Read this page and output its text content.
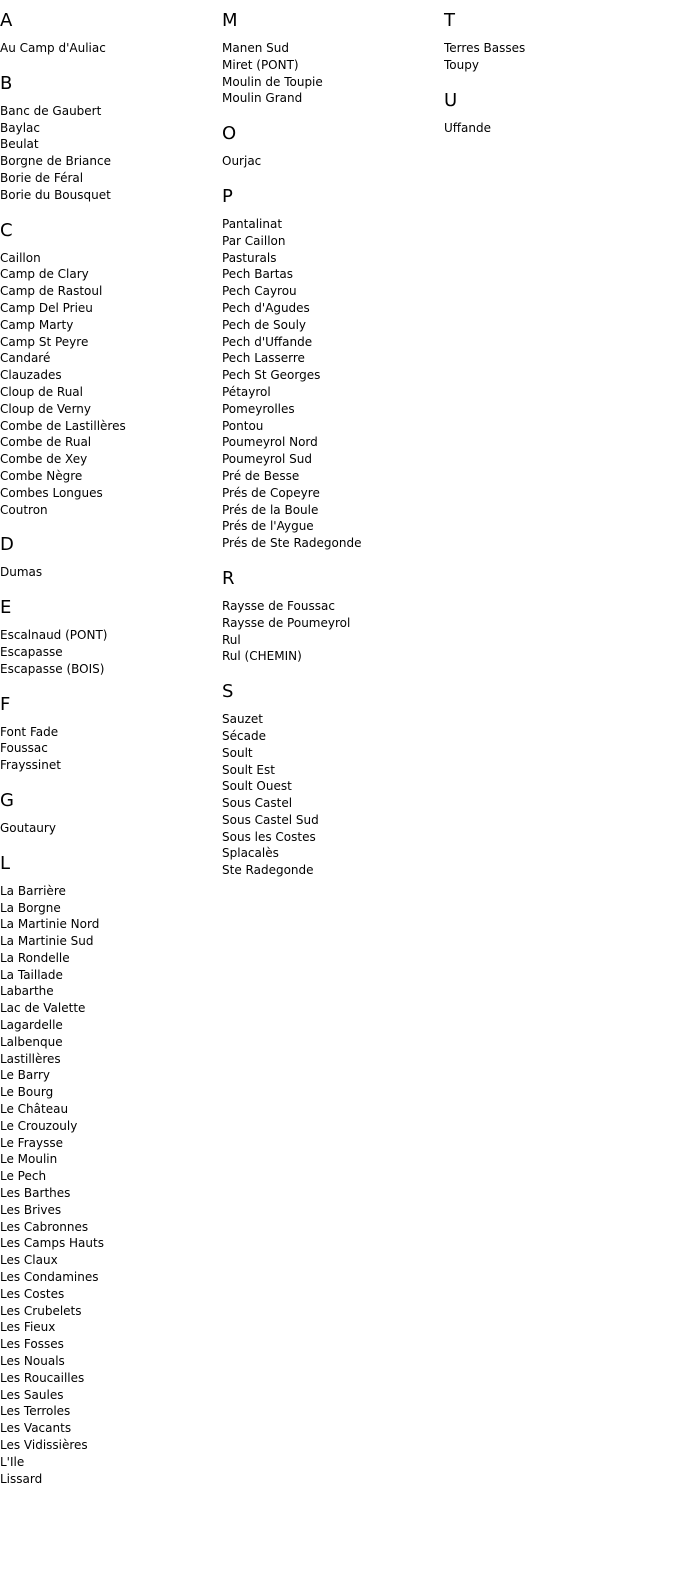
A
Au Camp d'Auliac
B
Banc de Gaubert
Baylac
Beulat
Borgne de Briance
Borie de Féral
Borie du Bousquet
C
Caillon
Camp de Clary
Camp de Rastoul
Camp Del Prieu
Camp Marty
Camp St Peyre
Candaré
Clauzades
Cloup de Rual
Cloup de Verny
Combe de Lastillères
Combe de Rual
Combe de Xey
Combe Nègre
Combes Longues
Coutron
D
Dumas
E
Escalnaud (PONT)
Escapasse
Escapasse (BOIS)
F
Font Fade
Foussac
Frayssinet
G
Goutaury
L
La Barrière
La Borgne
La Martinie Nord
La Martinie Sud
La Rondelle
La Taillade
Labarthe
Lac de Valette
Lagardelle
Lalbenque
Lastillères
Le Barry
Le Bourg
Le Château
Le Crouzouly
Le Fraysse
Le Moulin
Le Pech
Les Barthes
Les Brives
Les Cabronnes
Les Camps Hauts
Les Claux
Les Condamines
Les Costes
Les Crubelets
Les Fieux
Les Fosses
Les Nouals
Les Roucailles
Les Saules
Les Terroles
Les Vacants
Les Vidissières
L'Ile
Lissard
M
Manen Sud
Miret (PONT)
Moulin de Toupie
Moulin Grand
O
Ourjac
P
Pantalinat
Par Caillon
Pasturals
Pech Bartas
Pech Cayrou
Pech d'Agudes
Pech de Souly
Pech d'Uffande
Pech Lasserre
Pech St Georges
Pétayrol
Pomeyrolles
Pontou
Poumeyrol Nord
Poumeyrol Sud
Pré de Besse
Prés de Copeyre
Prés de la Boule
Prés de l'Aygue
Prés de Ste Radegonde
R
Raysse de Foussac
Raysse de Poumeyrol
Rul
Rul (CHEMIN)
S
Sauzet
Sécade
Soult
Soult Est
Soult Ouest
Sous Castel
Sous Castel Sud
Sous les Costes
Splacalès
Ste Radegonde
T
Terres Basses
Toupy
U
Uffande
